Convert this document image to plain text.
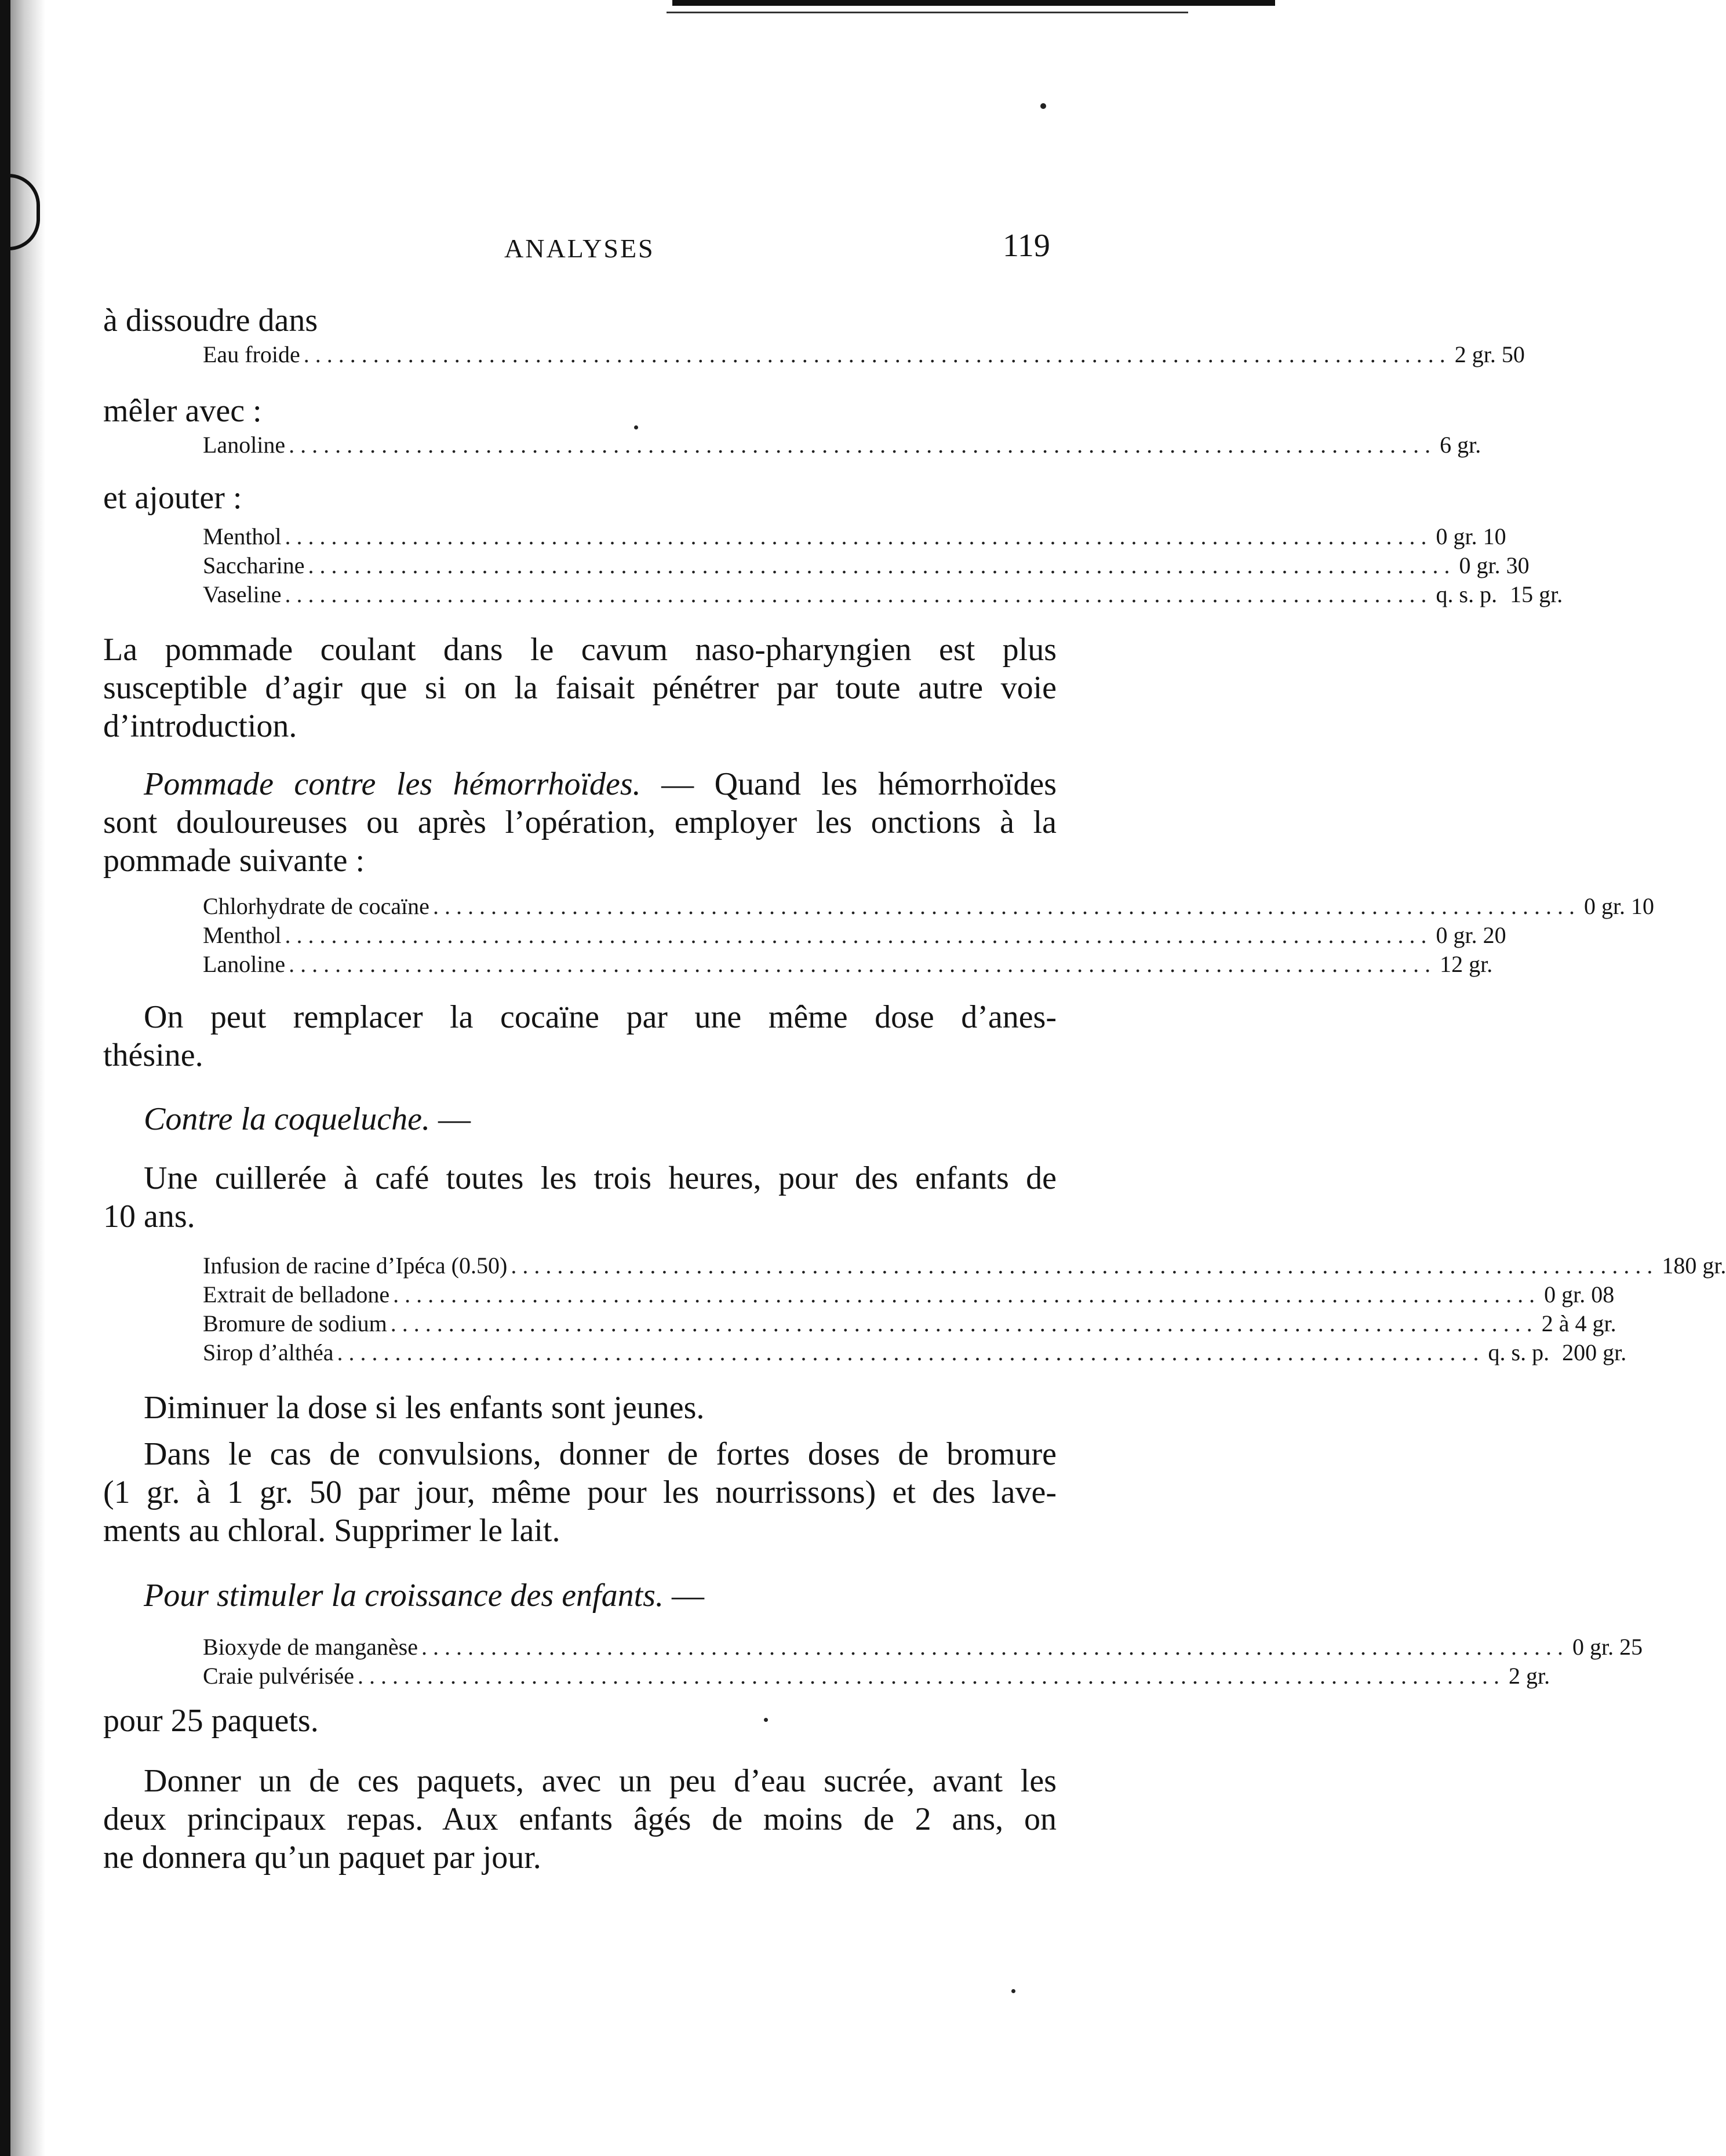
ANALYSES	119
à dissoudre dans
Eau froide ................................................................................................... 2 gr. 50
mêler avec :
Lanoline ................................................................................................... 6 gr.
et ajouter :
Menthol ................................................................................................... 0 gr. 10
Saccharine ................................................................................................... 0 gr. 30
Vaseline ................................................................................................... q. s. p. 15 gr.
La pommade coulant dans le cavum naso-pharyngien est plus
susceptible d’agir que si on la faisait pénétrer par toute autre voie
d’introduction.
Pommade contre les hémorrhoïdes. — Quand les hémorrhoïdes
sont douloureuses ou après l’opération, employer les onctions à la
pommade suivante :
Chlorhydrate de cocaïne ................................................................................................... 0 gr. 10
Menthol ................................................................................................... 0 gr. 20
Lanoline ................................................................................................... 12 gr.
On peut remplacer la cocaïne par une même dose d’anes-
thésine.
Contre la coqueluche. —
Une cuillerée à café toutes les trois heures, pour des enfants de
10 ans.
Infusion de racine d’Ipéca (0.50) ................................................................................................... 180 gr.
Extrait de belladone ................................................................................................... 0 gr. 08
Bromure de sodium ................................................................................................... 2 à 4 gr.
Sirop d’althéa ................................................................................................... q. s. p. 200 gr.
Diminuer la dose si les enfants sont jeunes.
Dans le cas de convulsions, donner de fortes doses de bromure
(1 gr. à 1 gr. 50 par jour, même pour les nourrissons) et des lave-
ments au chloral. Supprimer le lait.
Pour stimuler la croissance des enfants. —
Bioxyde de manganèse ................................................................................................... 0 gr. 25
Craie pulvérisée ................................................................................................... 2 gr.
pour 25 paquets.
Donner un de ces paquets, avec un peu d’eau sucrée, avant les
deux principaux repas. Aux enfants âgés de moins de 2 ans, on
ne donnera qu’un paquet par jour.
